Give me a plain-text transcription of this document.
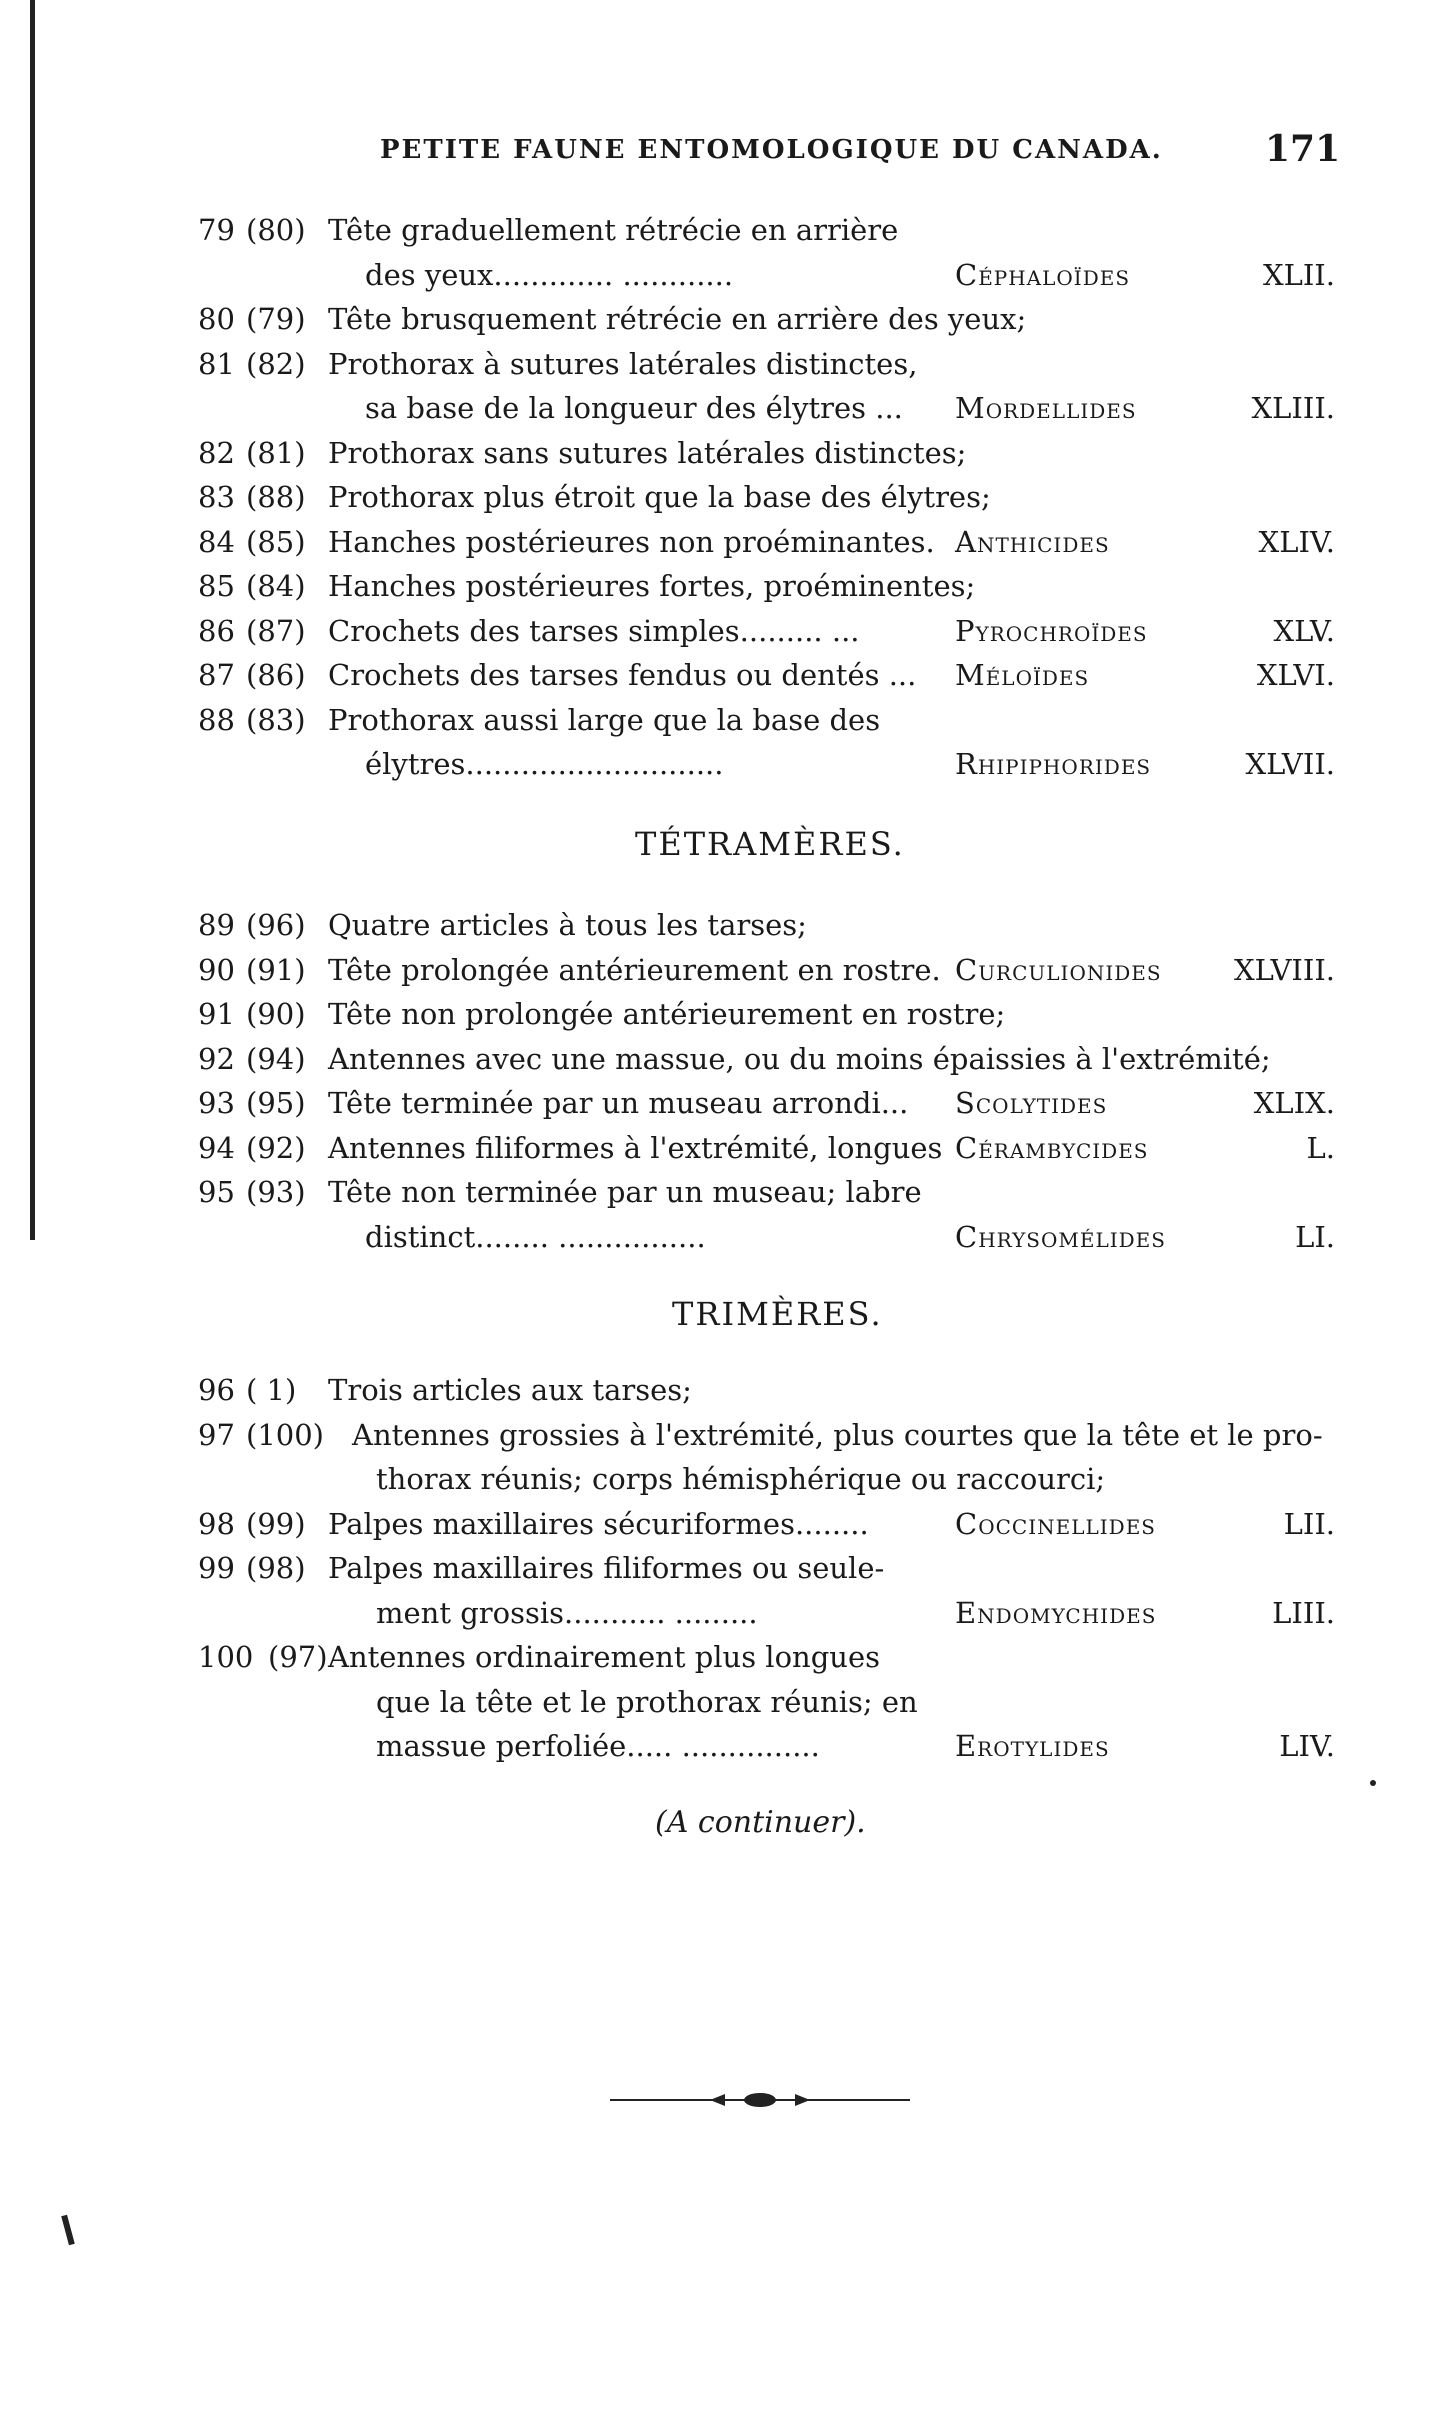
PETITE FAUNE ENTOMOLOGIQUE DU CANADA.	171
79 (80) Tête graduellement rétrécie en arrière
des yeux............. ............	Céphaloïdes	XLII.
80 (79) Tête brusquement rétrécie en arrière des yeux;
81 (82) Prothorax à sutures latérales distinctes,
sa base de la longueur des élytres ... Mordellides	XLIII.
82 (81) Prothorax sans sutures latérales distinctes;
83 (88) Prothorax plus étroit que la base des élytres;
84 (85) Hanches postérieures non proéminantes. Anthicides	XLIV.
85 (84) Hanches postérieures fortes, proéminentes;
86 (87) Crochets des tarses simples......... ...	Pyrochroïdes	XLV.
87 (86) Crochets des tarses fendus ou dentés ... Méloïdes	XLVI.
88 (83) Prothorax aussi large que la base des
élytres............................	Rhipiphorides	XLVII.
89 (96) Quatre articles à tous les tarses;
90 (91) Tête prolongée antérieurement en rostre. Curculionides	XLVIII.
91 (90) Tête non prolongée antérieurement en rostre;
92 (94) Antennes avec une massue, ou du moins épaissies à l'extrémité;
93 (95) Tête terminée par un museau arrondi... Scolytides	XLIX.
94 (92) Antennes filiformes à l'extrémité, longues Cérambycides	L.
95 (93) Tête non terminée par un museau; labre
distinct........ ................	Chrysomélides	LI.
96 ( 1) Trois articles aux tarses;
97 (100) Antennes grossies à l'extrémité, plus courtes que la tête et le pro-
thorax réunis; corps hémisphérique ou raccourci;
98 (99) Palpes maxillaires sécuriformes........	Coccinellides	LII.
99 (98) Palpes maxillaires filiformes ou seule-
ment grossis........... .........	Endomychides	LIII.
100 (97) Antennes ordinairement plus longues
que la tête et le prothorax réunis; en
massue perfoliée..... ...............	Erotylides	LIV.
TÉTRAMÈRES.
TRIMÈRES.
(A continuer).
